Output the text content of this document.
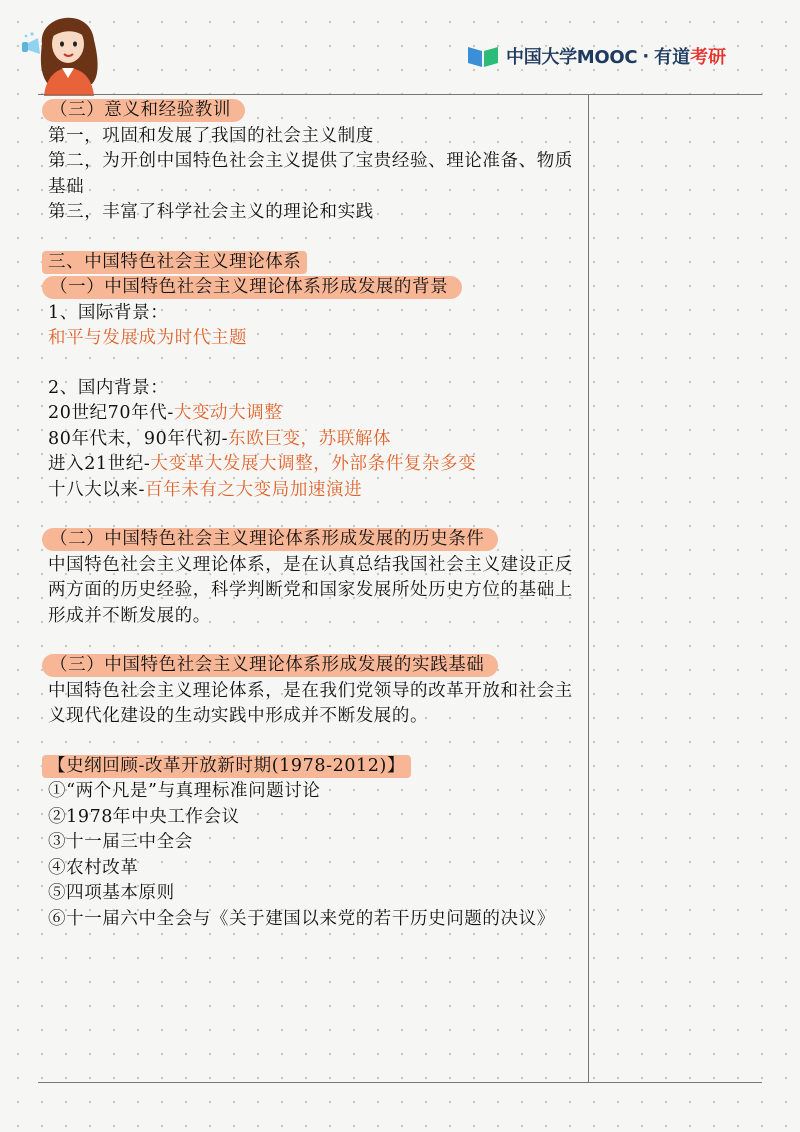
中国大学MOOC · 有道 考研
（三）意义和经验教训
第一，巩固和发展了我国的社会主义制度
第二，为开创中国特色社会主义提供了宝贵经验、理论准备、物质基础
第三，丰富了科学社会主义的理论和实践
三、中国特色社会主义理论体系
（一）中国特色社会主义理论体系形成发展的背景
1、国际背景：
和平与发展成为时代主题
2、国内背景：
20世纪70年代-大变动大调整
80年代末，90年代初-东欧巨变，苏联解体
进入21世纪-大变革大发展大调整，外部条件复杂多变
十八大以来-百年未有之大变局加速演进
（二）中国特色社会主义理论体系形成发展的历史条件
中国特色社会主义理论体系，是在认真总结我国社会主义建设正反两方面的历史经验，科学判断党和国家发展所处历史方位的基础上形成并不断发展的。
（三）中国特色社会主义理论体系形成发展的实践基础
中国特色社会主义理论体系，是在我们党领导的改革开放和社会主义现代化建设的生动实践中形成并不断发展的。
【史纲回顾-改革开放新时期(1978-2012)】
①“两个凡是”与真理标准问题讨论
②1978年中央工作会议
③十一届三中全会
④农村改革
⑤四项基本原则
⑥十一届六中全会与《关于建国以来党的若干历史问题的决议》
